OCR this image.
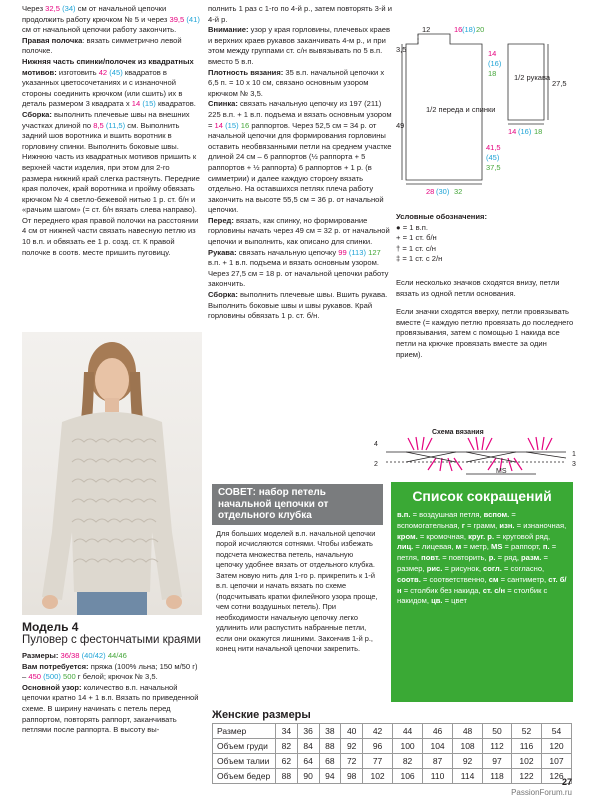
Через 32,5 (34) см от начальной цепочки продолжить работу крючком № 5 и через 39,5 (41) см от начальной цепочки работу закончить.

Правая полочка: вязать симметрично левой полочке.

Нижняя часть спинки/полочек из квадратных мотивов: изготовить 42 (45) квадратов в указанных цветосочетаниях и с изнаночной стороны соединить крючком (или сшить) их в деталь размером 3 квадрата х 14 (15) квадратов.

Сборка: выполнить плечевые швы на внешних участках длиной по 8,5 (11,5) см. Выполнить задний шов воротника и вшить воротник в горловину спинки. Выполнить боковые швы. Нижнюю часть из квадратных мотивов пришить к верхней части изделия, при этом для 2-го размера нижний край слегка растянуть. Передние края полочек, край воротника и пройму обвязать крючком № 4 светло-бежевой нитью 1 р. ст. б/н и «рачьим шагом» (= ст. б/н вязать слева направо).

От переднего края правой полочки на расстоянии 4 см от нижней части связать навесную петлю из 10 в.п. и обвязать ее 1 р. созд. ст. К правой полочке в соотв. месте пришить пуговицу.

полнить 1 раз с 1-го по 4-й р., затем повторять 3-й и 4-й р.

Внимание: узор у края горловины, плечевых краев и верхних краев рукавов заканчивать 4-м р., и при этом между группами ст. с/н вывязывать по 5 в.п. вместо 5 в.п.

Плотность вязания: 35 в.п. начальной цепочки х 6,5 п. = 10 х 10 см, связано основным узором крючком № 3,5.

Спинка: связать начальную цепочку из 197 (211) 225 в.п. + 1 в.п. подъема и вязать основным узором = 14 (15) 16 раппортов. Через 52,5 см = 34 р. от начальной цепочки для формирования горловины оставить необвязанными петли на среднем участке длиной 24 см – 6 раппортов (½ раппорта + 5 раппортов + ½ раппорта) 6 раппортов + 1 р. (в симметрии) и далее каждую сторону вязать отдельно. На оставшихся петлях плеча работу закончить на высоте 55,5 см = 36 р. от начальной цепочки.

Перед: вязать, как спинку, но формирование горловины начать через 49 см = 32 р. от начальной цепочки и выполнить, как описано для спинки.

Рукава: связать начальную цепочку 99 (113) 127 в.п. + 1 в.п. подъема и вязать основным узором. Через 27,5 см = 18 р. от начальной цепочки работу закончить.

Сборка: выполнить плечевые швы. Вшить рукава. Выполнить боковые швы и швы рукавов. Край горловины обвязать 1 р. ст. б/н.

Модель 4
Пуловер с фестончатыми краями

Размеры: 36/38 (40/42) 44/46

Вам потребуется: пряжа (100% льна; 150 м/50 г) – 450 (500) 500 г белой; крючок № 3,5.

Основной узор: количество в.п. начальной цепочки кратно 14 + 1 в.п. Вязать по приведенной схеме. В ширину начинать с петель перед раппортом, повторять раппорт, заканчивать петлями после раппорта. В высоту вы-

СОВЕТ: набор петель начальной цепочки от отдельного клубка
Для больших моделей в.п. начальной цепочки порой исчисляются сотнями. Чтобы избежать подсчета множества петель, начальную цепочку удобнее вязать от отдельного клубка. Затем новую нить для 1-го р. прикрепить к 1-й в.п. цепочки и начать вязать по схеме (подсчитывать кратки филейного узора проще, чем сотни воздушных петель). При необходимости начальную цепочку легко удлинить или распустить набранные петли, если они окажутся лишними. Закончив 1-й р., конец нити начальной цепочки закрепить.
Список сокращений
в.п. = воздушная петля, вспом. = вспомогательная, г = грамм, изн. = изнаночная, кром. = кромочная, круг. р. = круговой ряд, лиц. = лицевая, м = метр, MS = раппорт, п. = петля, повт. = повторить, р. = ряд, разм. = размер, рис. = рисунок, согл. = согласно, соотв. = соответственно, см = сантиметр, ст. б/н = столбик без накида, ст. с/н = столбик с накидом, цв. = цвет
Женские размеры
Размер	34	36	38	40	42	44	46	48	50	52	54
Объем груди	82	84	88	92	96	100	104	108	112	116	120
Объем талии	62	64	68	72	77	82	87	92	97	102	107
Объем бедер	88	90	94	98	102	106	110	114	118	122	126
12	16 (18) 20
3,5
49
14
(16)
18
1/2 переда и спинки
1/2 рукава
27,5
41,5
(45)
37,5
28 (30) 32
14 (16) 18
Условные обозначения:
● = 1 в.п.
+ = 1 ст. б/н
† = 1 ст. с/н
‡ = 1 ст. с 2/н

Если несколько значков сходятся внизу, петли вязать из одной петли основания.

Если значки сходятся вверху, петли провязывать вместе (= каждую петлю провязать до последнего провязывания, затем с помощью 1 накида все петли на крючке провязать вместе за один прием).

Схема вязания
4
3
2
1
MS
27
PassionForum.ru
